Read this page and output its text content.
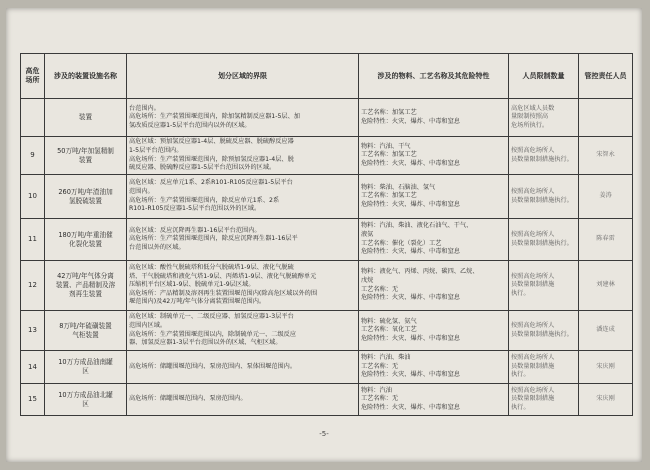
高危场所	涉及的装置设施名称	划分区域的界限	涉及的物料、工艺名称及其危险特性	人员限制数量	管控责任人员

	装置	台范围内。
高危场所：生产装置围堰范围内，除加氢精制反应器1-5层、加
氢改质反应器1-5层平台范围内以外的区域。	工艺名称：加氢工艺
危险特性：火灾、爆炸、中毒和窒息	高危区域人员数
量限制按照高
危场所执行。	

9	50万吨/年加氢精制
装置	高危区域：预加氢反应器1-4层、脱硫反应器、脱硫醇反应器
1-5层平台范围内。
高危场所：生产装置围堰范围内，除预加氢反应器1-4层、脱
硫反应器、脱硫醇反应器1-5层平台范围以外的区域。	物料：汽油、干气
工艺名称：加氢工艺
危险特性：火灾、爆炸、中毒和窒息	按照高危场所人
员数量限制措施执行。	宋智永
10	260万吨/年渣油加
氢脱硫装置	高危区域：反应单元1系、2系R101-R105反应器1-5层平台
范围内。
高危场所：生产装置围堰范围内，除反应单元1系、2系
R101-R105反应器1-5层平台范围以外的区域。	物料：柴油、石脑油、氢气
工艺名称：加氢工艺
危险特性：火灾、爆炸、中毒和窒息	按照高危场所人
员数量限制措施执行。	姜涛
11	180万吨/年重油催
化裂化装置	高危区域：反应沉降再生器1-16层平台范围内。
高危场所：生产装置围堰范围内，除反应沉降再生器1-16层平
台范围以外的区域。	物料：汽油、柴油、液化石油气、干气、
液氨
工艺名称：催化（裂化）工艺
危险特性：火灾、爆炸、中毒和窒息	按照高危场所人
员数量限制措施执行。	陈春雷
12	42万吨/年气体分离
装置、产品精制及溶
剂再生装置	高危区域：酸性气脱硫塔和低分气脱硫塔1-9层、液化气脱硫
塔、干气脱硫塔和液化气塔1-9层、丙烯塔1-9层、液化气脱硫醇单元
压缩机平台区域1-9层、脱硫单元1-9层区域。
高危场所：产品精制及溶剂再生装置围堰范围内(除高危区域以外的围
堰范围内)及42万吨/年气体分离装置围堰范围内。	物料：液化气、丙烯、丙烷、碳四、乙烷、
戊烷
工艺名称：无
危险特性：火灾、爆炸、中毒和窒息	按照高危场所人
员数量限制措施
执行。	刘建林
13	8万吨/年硫磺装置
气柜装置	高危区域：制硫单元一、二级反应器、加氢反应器1-3层平台
范围内区域。
高危场所：生产装置围堰范围以内，除制硫单元一、二级反应
器、加氢反应器1-3层平台范围以外的区域、气柜区域。	物料：硫化氢、氨气
工艺名称：氧化工艺
危险特性：火灾、爆炸、中毒和窒息	按照高危场所人
员数量限制措施执行。	潘连成
14	10万方成品油南罐
区	高危场所：储罐围堰范围内、泵房范围内、泵体围堰范围内。	物料：汽油、柴油
工艺名称：无
危险特性：火灾、爆炸、中毒和窒息	按照高危场所人
员数量限制措施
执行。	宋庆刚
15	10万方成品油北罐
区	高危场所：储罐围堰范围内、泵房范围内。	物料：汽油
工艺名称：无
危险特性：火灾、爆炸、中毒和窒息	按照高危场所人
员数量限制措施
执行。	宋庆刚
-5-
